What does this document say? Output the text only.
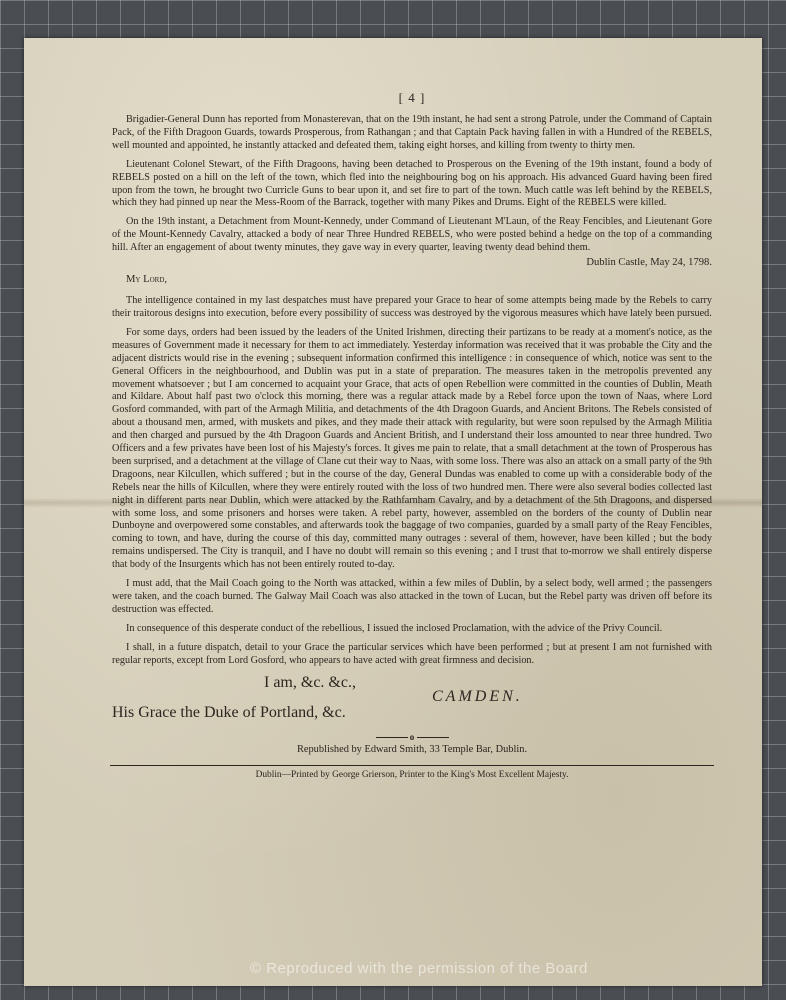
[ 4 ]

Brigadier-General Dunn has reported from Monasterevan, that on the 19th instant, he had sent a strong Patrole, under the Command of Captain Pack, of the Fifth Dragoon Guards, towards Prosperous, from Rathangan ; and that Captain Pack having fallen in with a Hundred of the REBELS, well mounted and appointed, he instantly attacked and defeated them, taking eight horses, and killing from twenty to thirty men.

Lieutenant Colonel Stewart, of the Fifth Dragoons, having been detached to Prosperous on the Evening of the 19th instant, found a body of REBELS posted on a hill on the left of the town, which fled into the neighbouring bog on his approach. His advanced Guard having been fired upon from the town, he brought two Curricle Guns to bear upon it, and set fire to part of the town. Much cattle was left behind by the REBELS, which they had pinned up near the Mess-Room of the Barrack, together with many Pikes and Drums. Eight of the REBELS were killed.

On the 19th instant, a Detachment from Mount-Kennedy, under Command of Lieutenant M'Laun, of the Reay Fencibles, and Lieutenant Gore of the Mount-Kennedy Cavalry, attacked a body of near Three Hundred REBELS, who were posted behind a hedge on the top of a commanding hill. After an engagement of about twenty minutes, they gave way in every quarter, leaving twenty dead behind them.

Dublin Castle, May 24, 1798.
My Lord,

The intelligence contained in my last despatches must have prepared your Grace to hear of some attempts being made by the Rebels to carry their traitorous designs into execution, before every possibility of success was destroyed by the vigorous measures which have lately been pursued.

For some days, orders had been issued by the leaders of the United Irishmen, directing their partizans to be ready at a moment's notice, as the measures of Government made it necessary for them to act immediately. Yesterday information was received that it was probable the City and the adjacent districts would rise in the evening ; subsequent information confirmed this intelligence : in consequence of which, notice was sent to the General Officers in the neighbourhood, and Dublin was put in a state of preparation. The measures taken in the metropolis prevented any movement whatsoever ; but I am concerned to acquaint your Grace, that acts of open Rebellion were committed in the counties of Dublin, Meath and Kildare. About half past two o'clock this morning, there was a regular attack made by a Rebel force upon the town of Naas, where Lord Gosford commanded, with part of the Armagh Militia, and detachments of the 4th Dragoon Guards, and Ancient Britons. The Rebels consisted of about a thousand men, armed, with muskets and pikes, and they made their attack with regularity, but were soon repulsed by the Armagh Militia and then charged and pursued by the 4th Dragoon Guards and Ancient British, and I understand their loss amounted to near three hundred. Two Officers and a few privates have been lost of his Majesty's forces. It gives me pain to relate, that a small detachment at the town of Prosperous has been surprised, and a detachment at the village of Clane cut their way to Naas, with some loss. There was also an attack on a small party of the 9th Dragoons, near Kilcullen, which suffered ; but in the course of the day, General Dundas was enabled to come up with a considerable body of the Rebels near the hills of Kilcullen, where they were entirely routed with the loss of two hundred men. There were also several bodies collected last night in different parts near Dublin, which were attacked by the Rathfarnham Cavalry, and by a detachment of the 5th Dragoons, and dispersed with some loss, and some prisoners and horses were taken. A rebel party, however, assembled on the borders of the county of Dublin near Dunboyne and overpowered some constables, and afterwards took the baggage of two companies, guarded by a small party of the Reay Fencibles, coming to town, and have, during the course of this day, committed many outrages : several of them, however, have been killed ; but the body remains undispersed. The City is tranquil, and I have no doubt will remain so this evening ; and I trust that to-morrow we shall entirely disperse that body of the Insurgents which has not been entirely routed to-day.

I must add, that the Mail Coach going to the North was attacked, within a few miles of Dublin, by a select body, well armed ; the passengers were taken, and the coach burned. The Galway Mail Coach was also attacked in the town of Lucan, but the Rebel party was driven off before its destruction was effected.

In consequence of this desperate conduct of the rebellious, I issued the inclosed Proclamation, with the advice of the Privy Council.

I shall, in a future dispatch, detail to your Grace the particular services which have been performed ; but at present I am not furnished with regular reports, except from Lord Gosford, who appears to have acted with great firmness and decision.

I am, &c. &c.,
CAMDEN.
His Grace the Duke of Portland, &c.
o
Republished by Edward Smith, 33 Temple Bar, Dublin.
Dublin—Printed by George Grierson, Printer to the King's Most Excellent Majesty.
© Reproduced with the permission of the Board
